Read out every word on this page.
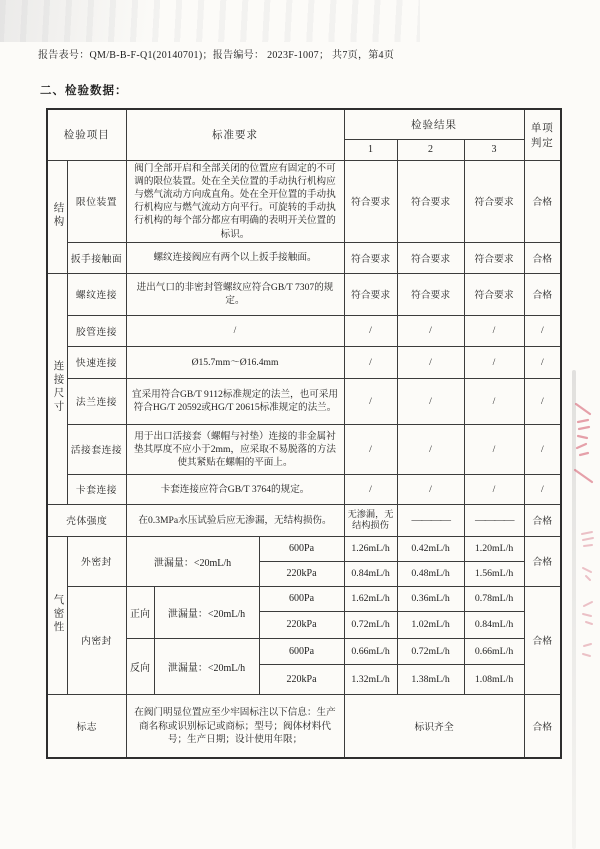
报告表号：QM/B-B-F-Q1(20140701)；报告编号： 2023F-1007； 共7页，第4页
二、检验数据：
检验项目		标准要求			检验结果			单项判定
					1	2	3	
结构	限位装置	阀门全部开启和全部关闭的位置应有固定的不可调的限位装置。处在全关位置的手动执行机构应与燃气流动方向成直角。处在全开位置的手动执行机构应与燃气流动方向平行。可旋转的手动执行机构的每个部分都应有明确的表明开关位置的标识。			符合要求	符合要求	符合要求	合格
	扳手接触面	螺纹连接阀应有两个以上扳手接触面。			符合要求	符合要求	符合要求	合格
连接尺寸	螺纹连接	进出气口的非密封管螺纹应符合GB/T 7307的规定。			符合要求	符合要求	符合要求	合格
	胶管连接	/			/	/	/	/
	快速连接	Ø15.7mm～Ø16.4mm			/	/	/	/
	法兰连接	宜采用符合GB/T 9112标准规定的法兰，也可采用符合HG/T 20592或HG/T 20615标准规定的法兰。			/	/	/	/
	活接套连接	用于出口活接套（螺帽与衬垫）连接的非金属衬垫其厚度不应小于2mm，应采取不易脱落的方法使其紧贴在螺帽的平面上。			/	/	/	/
	卡套连接	卡套连接应符合GB/T 3764的规定。			/	/	/	/
壳体强度		在0.3MPa水压试验后应无渗漏，无结构损伤。			无渗漏，无结构损伤	————	————	合格
气密性	外密封	泄漏量：<20mL/h		600Pa	1.26mL/h	0.42mL/h	1.20mL/h	合格
				220kPa	0.84mL/h	0.48mL/h	1.56mL/h	
	内密封	正向	泄漏量：<20mL/h	600Pa	1.62mL/h	0.36mL/h	0.78mL/h	合格
				220kPa	0.72mL/h	1.02mL/h	0.84mL/h	
		反向	泄漏量：<20mL/h	600Pa	0.66mL/h	0.72mL/h	0.66mL/h	
				220kPa	1.32mL/h	1.38mL/h	1.08mL/h	
标志		在阀门明显位置应至少牢固标注以下信息：生产商名称或识别标记或商标；型号；阀体材料代号；生产日期；设计使用年限；			标识齐全			合格
